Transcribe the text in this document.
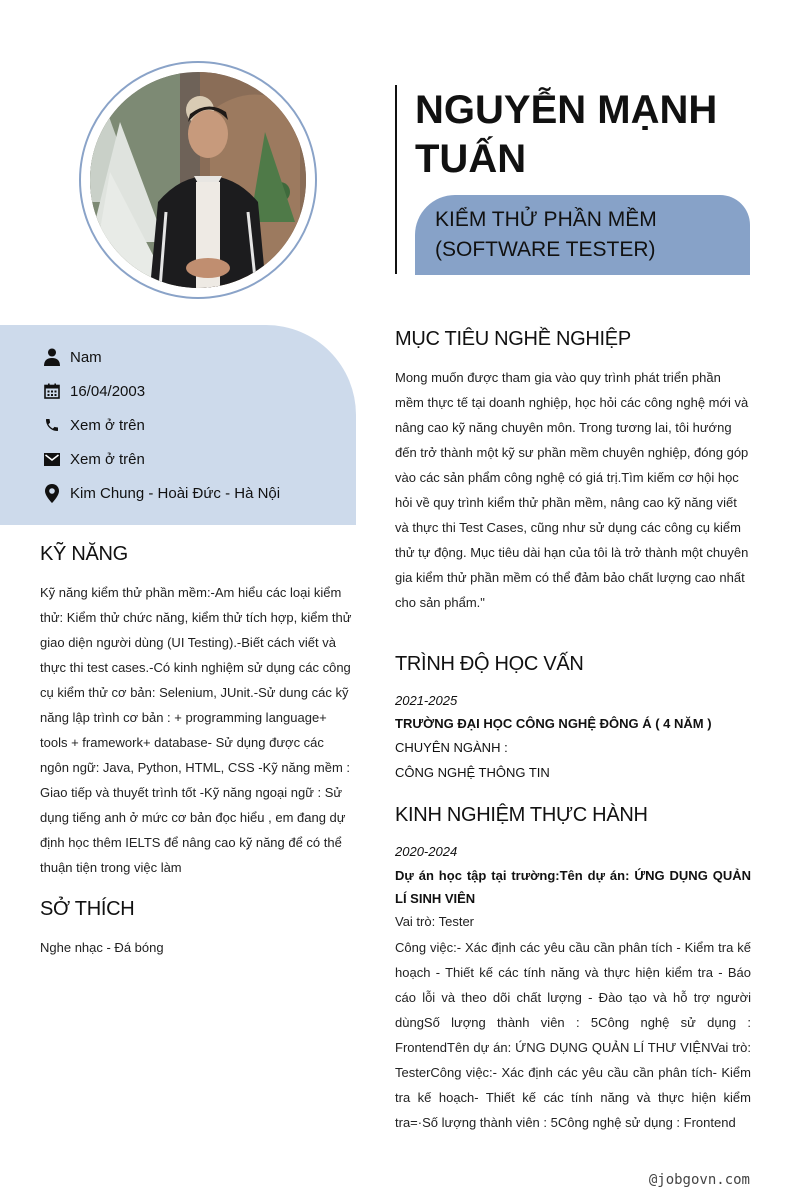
NGUYỄN MẠNH TUẤN
KIỂM THỬ PHẦN MỀM
(SOFTWARE TESTER)
Nam
16/04/2003
Xem ở trên
Xem ở trên
Kim Chung - Hoài Đức - Hà Nội
KỸ NĂNG
Kỹ năng kiểm thử phần mềm:-Am hiểu các loại kiểm thử: Kiểm thử chức năng, kiểm thử tích hợp, kiểm thử giao diện người dùng (UI Testing).-Biết cách viết và thực thi test cases.-Có kinh nghiệm sử dụng các công cụ kiểm thử cơ bản: Selenium, JUnit.-Sử dung các kỹ năng lập trình cơ bản : + programming language+ tools + framework+ database- Sử dụng được các ngôn ngữ: Java, Python, HTML, CSS -Kỹ năng mềm : Giao tiếp và thuyết trình tốt -Kỹ năng ngoại ngữ : Sử dụng tiếng anh ở mức cơ bản đọc hiểu , em đang dự định học thêm IELTS để nâng cao kỹ năng để có thể thuận tiện trong việc làm
SỞ THÍCH
Nghe nhạc - Đá bóng
MỤC TIÊU NGHỀ NGHIỆP
Mong muốn được tham gia vào quy trình phát triển phần mềm thực tế tại doanh nghiệp, học hỏi các công nghệ mới và nâng cao kỹ năng chuyên môn. Trong tương lai, tôi hướng đến trở thành một kỹ sư phần mềm chuyên nghiệp, đóng góp vào các sản phẩm công nghệ có giá trị.Tìm kiếm cơ hội học hỏi về quy trình kiểm thử phần mềm, nâng cao kỹ năng viết và thực thi Test Cases, cũng như sử dụng các công cụ kiểm thử tự động. Mục tiêu dài hạn của tôi là trở thành một chuyên gia kiểm thử phần mềm có thể đảm bảo chất lượng cao nhất cho sản phẩm."
TRÌNH ĐỘ HỌC VẤN
2021-2025
TRƯỜNG ĐẠI HỌC CÔNG NGHỆ ĐÔNG Á ( 4 NĂM )
CHUYÊN NGÀNH :
CÔNG NGHỆ THÔNG TIN
KINH NGHIỆM THỰC HÀNH
2020-2024
Dự án học tập tại trường:Tên dự án: ỨNG DỤNG QUẢN LÍ SINH VIÊN
Vai trò: Tester
Công việc:- Xác định các yêu cầu cần phân tích - Kiểm tra kế hoạch - Thiết kế các tính năng và thực hiện kiểm tra - Báo cáo lỗi và theo dõi chất lượng - Đào tạo và hỗ trợ người dùngSố lượng thành viên : 5Công nghệ sử dụng : FrontendTên dự án: ỨNG DỤNG QUẢN LÍ THƯ VIỆNVai trò: TesterCông việc:- Xác định các yêu cầu cần phân tích- Kiểm tra kế hoạch- Thiết kế các tính năng và thực hiện kiểm tra=·Số lượng thành viên : 5Công nghệ sử dụng : Frontend
@jobgovn.com
